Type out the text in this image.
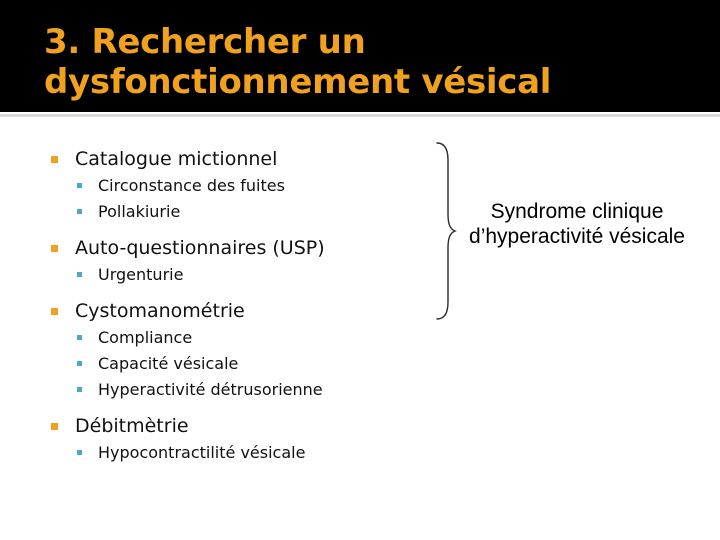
3. Rechercher un
dysfonctionnement vésical
Catalogue mictionnel
Circonstance des fuites
Pollakiurie
Auto-questionnaires (USP)
Urgenturie
Cystomanométrie
Compliance
Capacité vésicale
Hyperactivité détrusorienne
Débitmètrie
Hypocontractilité vésicale
Syndrome clinique
d’hyperactivité vésicale
